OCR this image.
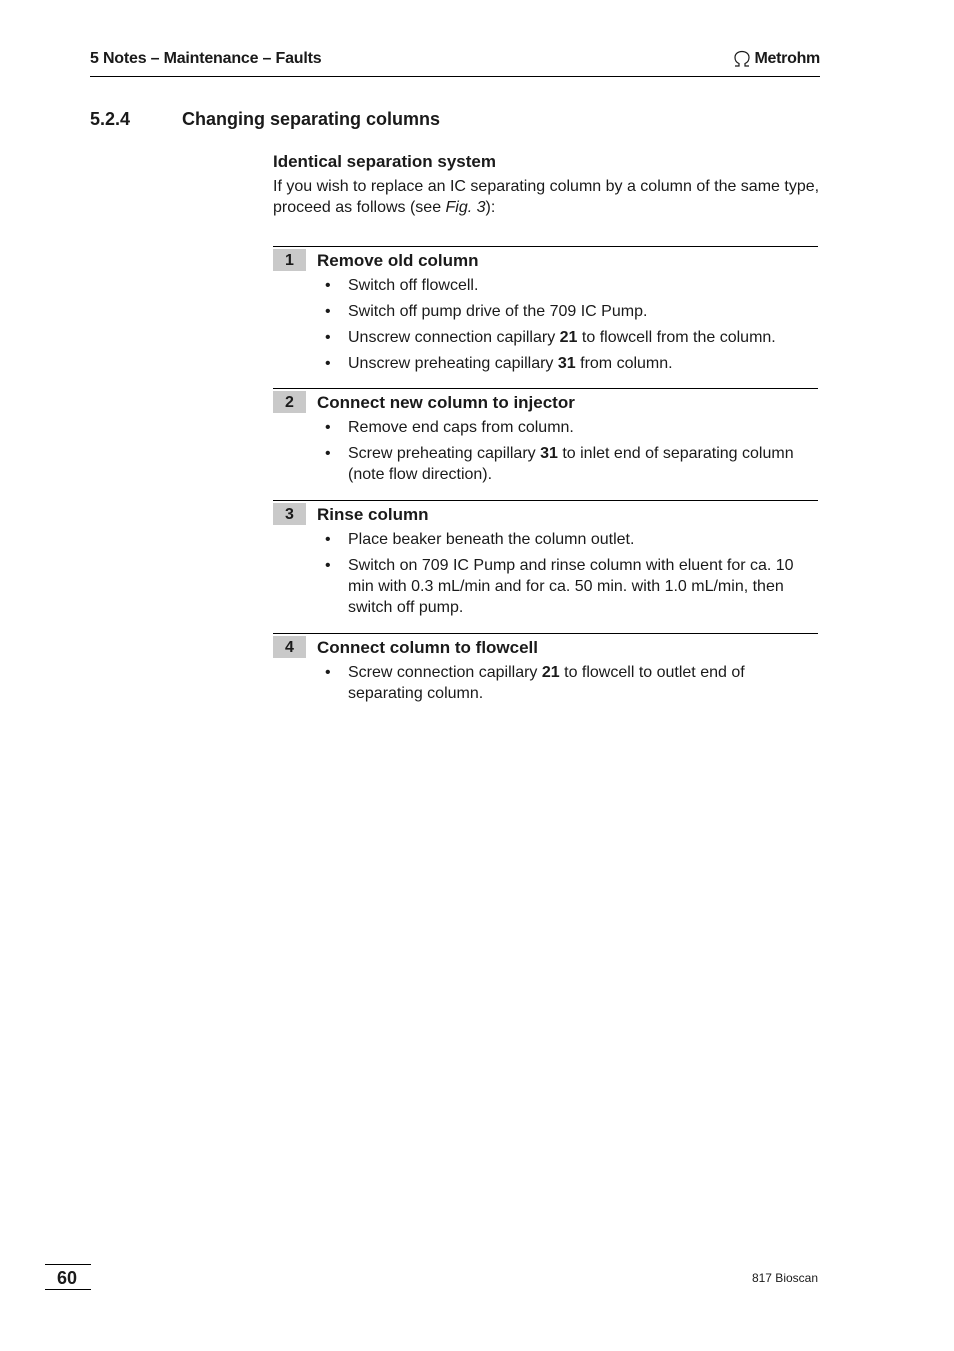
5 Notes – Maintenance – Faults	Metrohm
5.2.4	Changing separating columns

Identical separation system

If you wish to replace an IC separating column by a column of the same type, proceed as follows (see Fig. 3):

1	Remove old column
• Switch off flowcell.
• Switch off pump drive of the 709 IC Pump.
• Unscrew connection capillary 21 to flowcell from the column.
• Unscrew preheating capillary 31 from column.
2	Connect new column to injector
• Remove end caps from column.
• Screw preheating capillary 31 to inlet end of separating column (note flow direction).
3	Rinse column
• Place beaker beneath the column outlet.
• Switch on 709 IC Pump and rinse column with eluent for ca. 10 min with 0.3 mL/min and for ca. 50 min. with 1.0 mL/min, then switch off pump.
4	Connect column to flowcell
• Screw connection capillary 21 to flowcell to outlet end of separating column.
60	817 Bioscan
